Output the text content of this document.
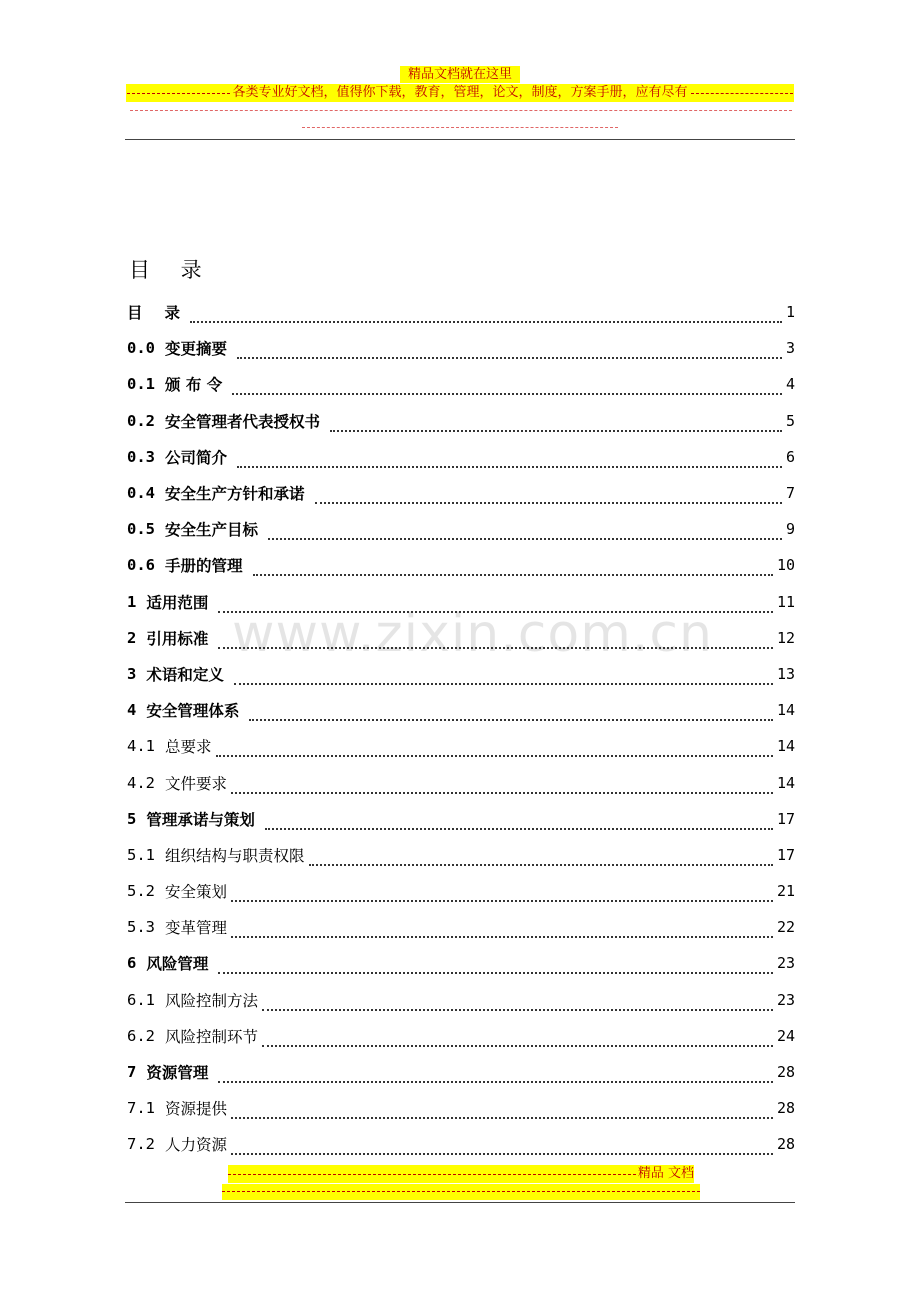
精品文档就在这里
各类专业好文档，值得你下载，教育，管理，论文，制度，方案手册，应有尽有
目 录
www.zixin.com.cn
目 录	1
0.0 变更摘要	3
0.1 颁 布 令	4
0.2 安全管理者代表授权书	5
0.3 公司简介	6
0.4 安全生产方针和承诺	7
0.5 安全生产目标	9
0.6 手册的管理	10
1 适用范围	11
2 引用标准	12
3 术语和定义	13
4 安全管理体系	14
4.1 总要求	14
4.2 文件要求	14
5 管理承诺与策划	17
5.1 组织结构与职责权限	17
5.2 安全策划	21
5.3 变革管理	22
6 风险管理	23
6.1 风险控制方法	23
6.2 风险控制环节	24
7 资源管理	28
7.1 资源提供	28
7.2 人力资源	28
精品 文档
